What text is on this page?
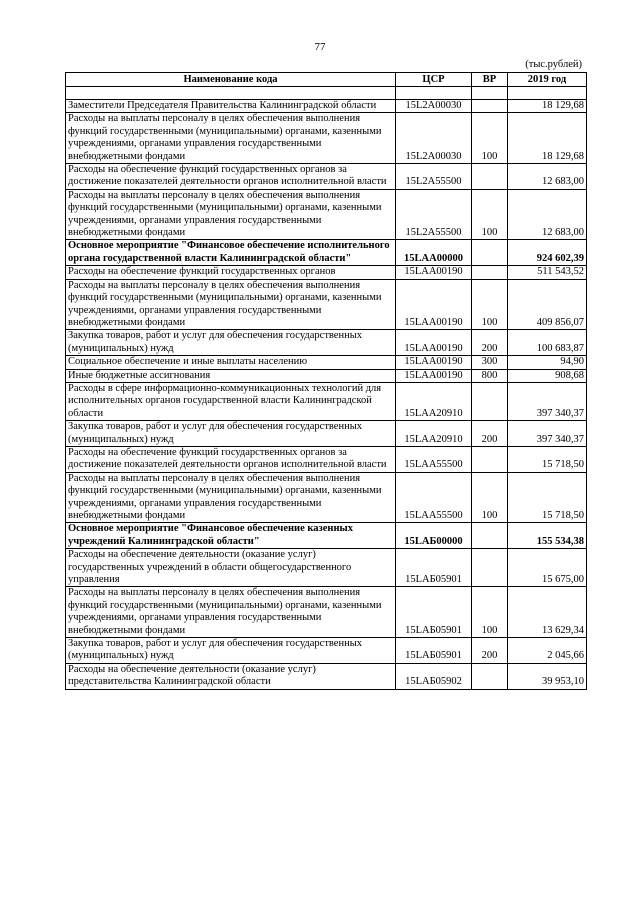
77
(тыс.рублей)
Наименование кода	ЦСР	ВР	2019 год

Заместители Председателя Правительства Калининградской области	15L2A00030		18 129,68
Расходы на выплаты персоналу в целях обеспечения выполнения функций государственными (муниципальными) органами, казенными учреждениями, органами управления государственными внебюджетными фондами	15L2A00030	100	18 129,68
Расходы на обеспечение функций государственных органов за достижение показателей деятельности органов исполнительной власти	15L2A55500		12 683,00
Расходы на выплаты персоналу в целях обеспечения выполнения функций государственными (муниципальными) органами, казенными учреждениями, органами управления государственными внебюджетными фондами	15L2A55500	100	12 683,00
Основное мероприятие "Финансовое обеспечение исполнительного органа государственной власти Калининградской области"	15LAA00000		924 602,39
Расходы на обеспечение функций государственных органов	15LAA00190		511 543,52
Расходы на выплаты персоналу в целях обеспечения выполнения функций государственными (муниципальными) органами, казенными учреждениями, органами управления государственными внебюджетными фондами	15LAA00190	100	409 856,07
Закупка товаров, работ и услуг для обеспечения государственных (муниципальных) нужд	15LAA00190	200	100 683,87
Социальное обеспечение и иные выплаты населению	15LAA00190	300	94,90
Иные бюджетные ассигнования	15LAA00190	800	908,68
Расходы в сфере информационно-коммуникационных технологий для исполнительных органов государственной власти Калининградской области	15LAA20910		397 340,37
Закупка товаров, работ и услуг для обеспечения государственных (муниципальных) нужд	15LAA20910	200	397 340,37
Расходы на обеспечение функций государственных органов за достижение показателей деятельности органов исполнительной власти	15LAA55500		15 718,50
Расходы на выплаты персоналу в целях обеспечения выполнения функций государственными (муниципальными) органами, казенными учреждениями, органами управления государственными внебюджетными фондами	15LAA55500	100	15 718,50
Основное мероприятие "Финансовое обеспечение казенных учреждений Калининградской области"	15LAБ00000		155 534,38
Расходы на обеспечение деятельности (оказание услуг) государственных учреждений в области общегосударственного управления	15LAБ05901		15 675,00
Расходы на выплаты персоналу в целях обеспечения выполнения функций государственными (муниципальными) органами, казенными учреждениями, органами управления государственными внебюджетными фондами	15LAБ05901	100	13 629,34
Закупка товаров, работ и услуг для обеспечения государственных (муниципальных) нужд	15LAБ05901	200	2 045,66
Расходы на обеспечение деятельности (оказание услуг) представительства Калининградской области	15LAБ05902		39 953,10
